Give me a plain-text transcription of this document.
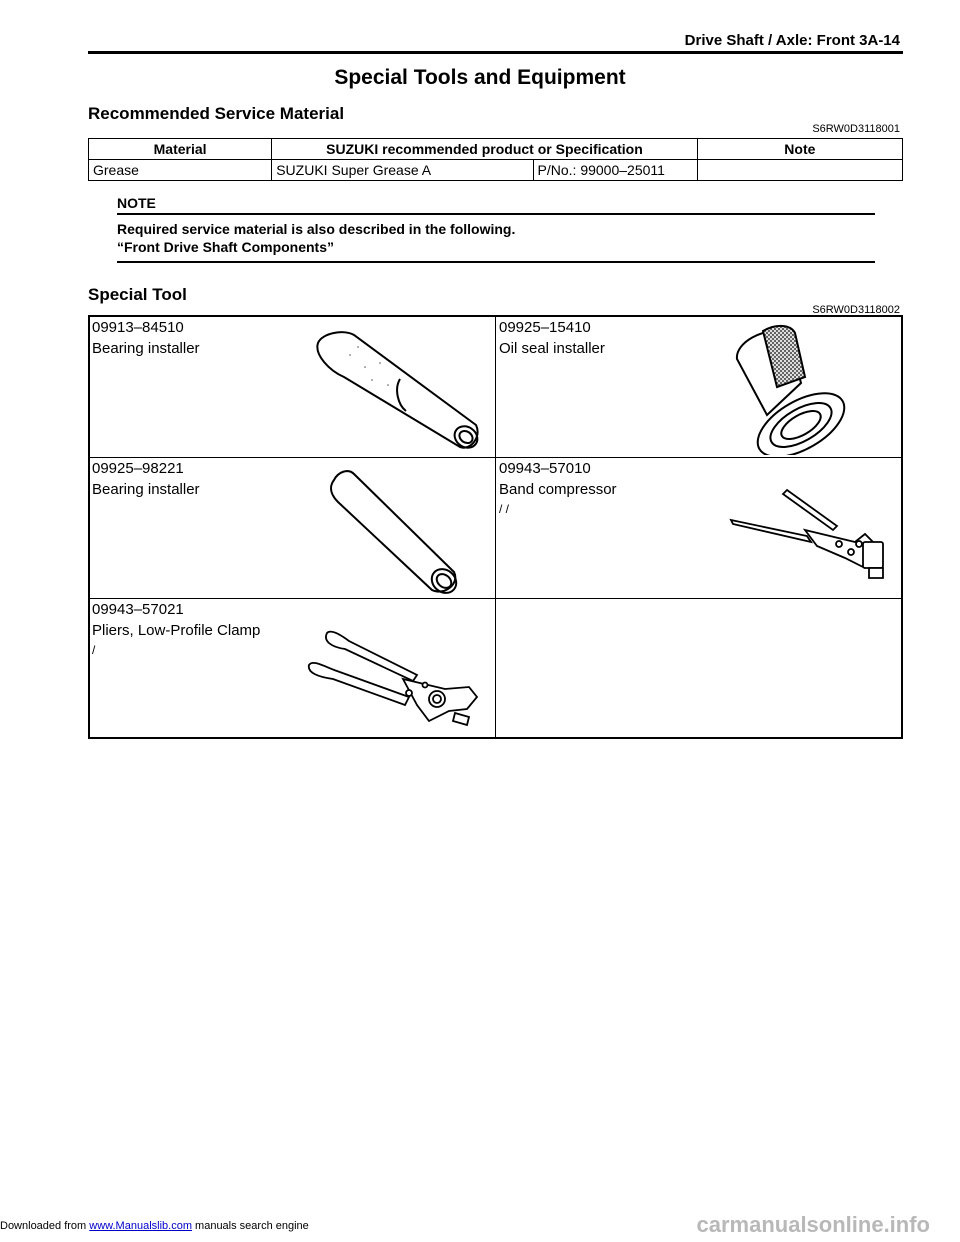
Drive Shaft / Axle: Front 3A-14
Special Tools and Equipment
Recommended Service Material
S6RW0D3118001
Material	SUZUKI recommended product or Specification		Note
Grease	SUZUKI Super Grease A	P/No.: 99000–25011	
NOTE
Required service material is also described in the following.
“Front Drive Shaft Components”
Special Tool
S6RW0D3118002
09913–84510
Bearing installer
09925–15410
Oil seal installer
09925–98221
Bearing installer
09943–57010
Band compressor
/ /
09943–57021
Pliers, Low-Profile Clamp
/
Downloaded from www.Manualslib.com manuals search engine	carmanualsonline.info
